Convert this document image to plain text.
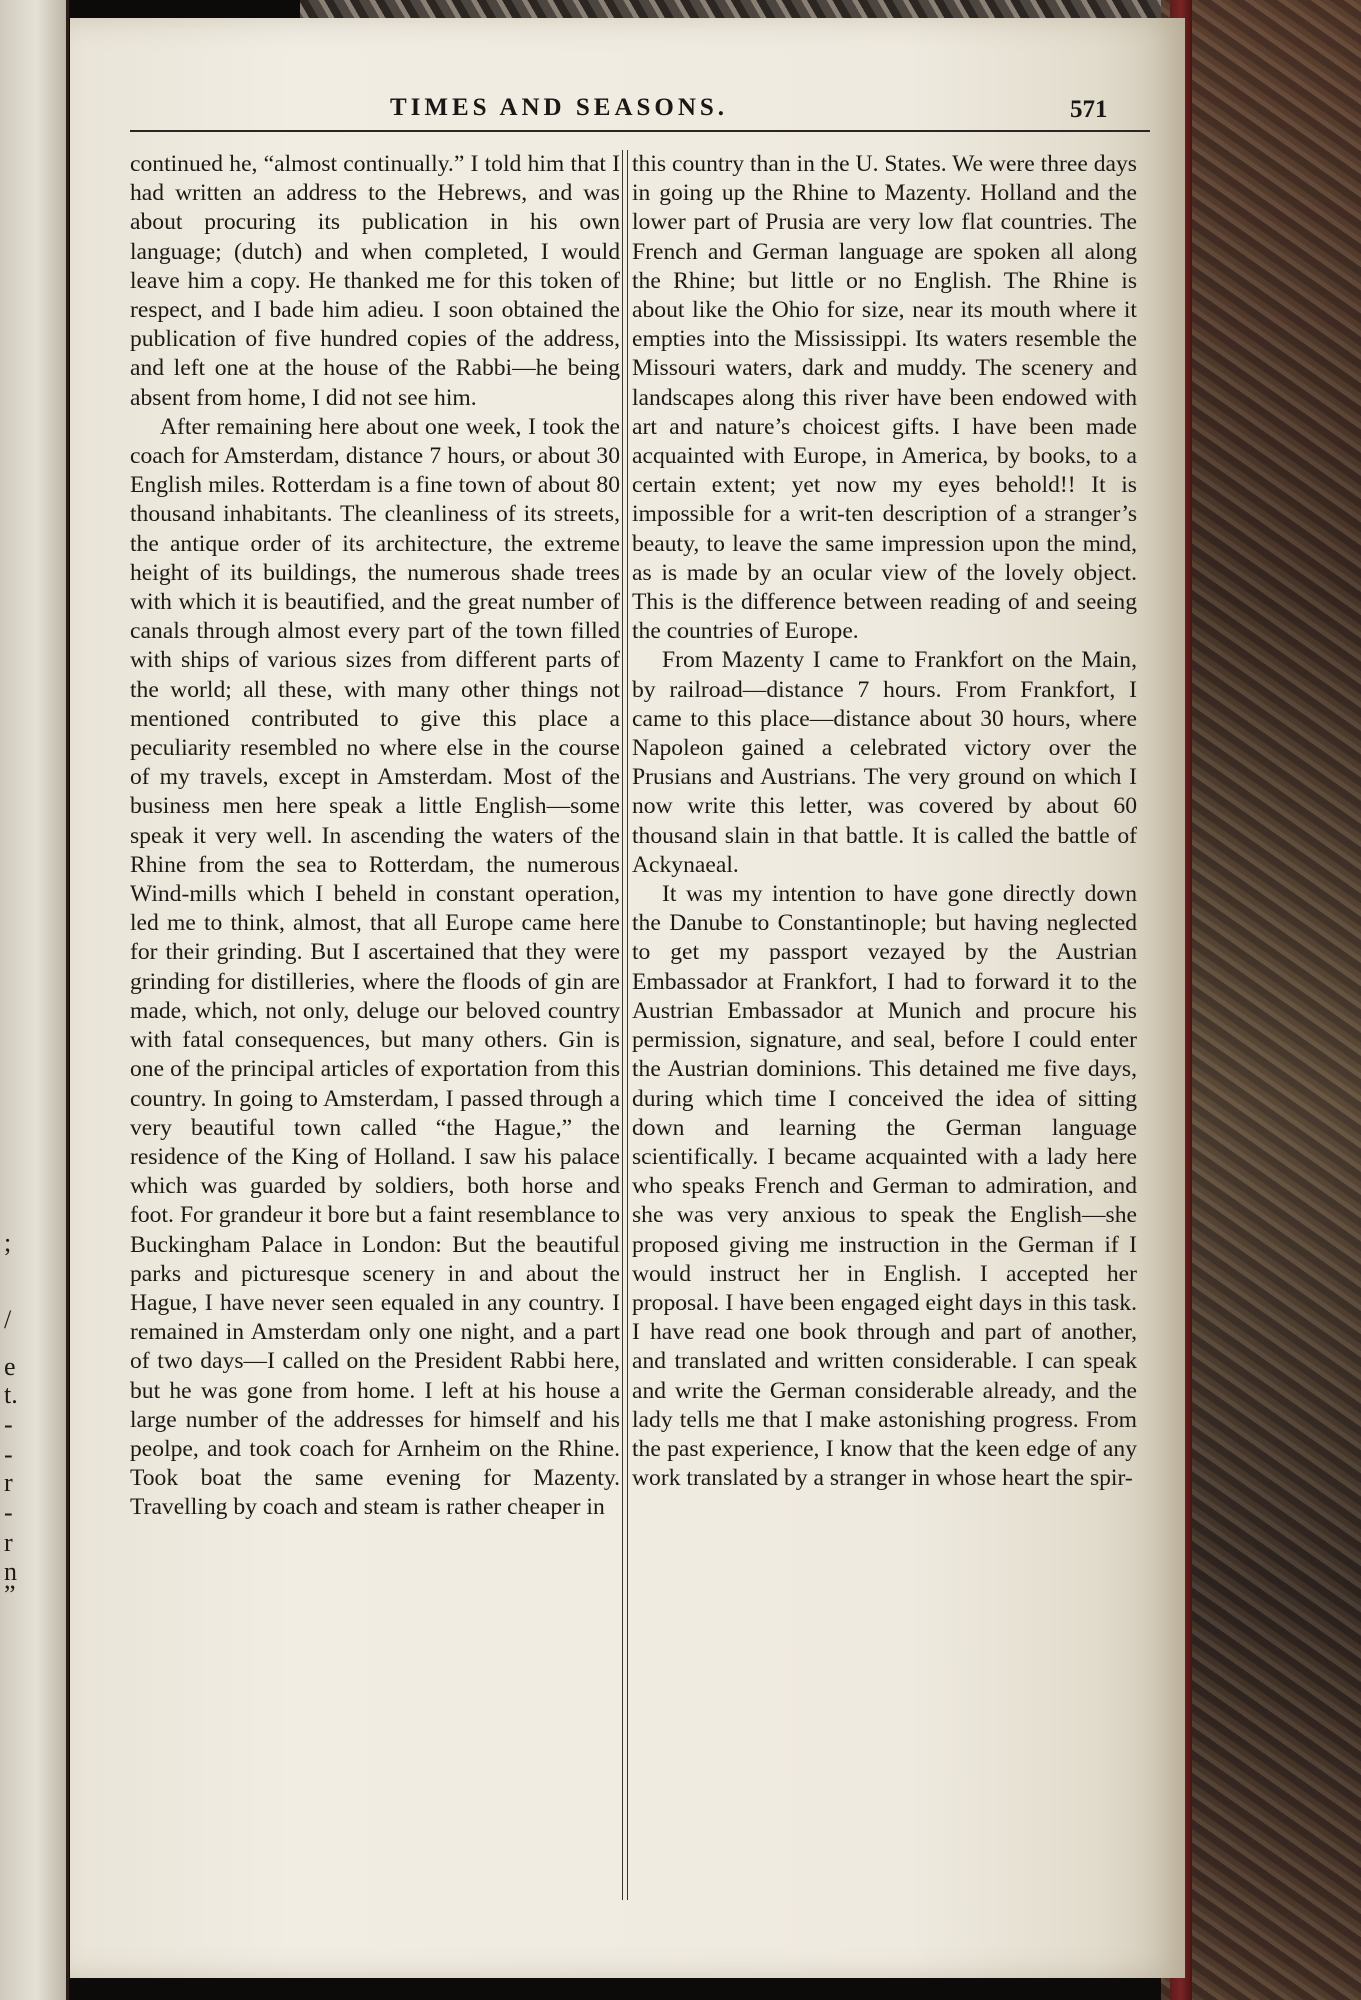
;
/
e
t.
-
-
r
-
r
n
”
TIMES AND SEASONS.	571

continued he, “almost continually.” I told him that I had written an address to the Hebrews, and was about procuring its publication in his own language; (dutch) and when completed, I would leave him a copy. He thanked me for this token of respect, and I bade him adieu. I soon obtained the publication of five hundred copies of the address, and left one at the house of the Rabbi—he being absent from home, I did not see him.

After remaining here about one week, I took the coach for Amsterdam, distance 7 hours, or about 30 English miles. Rotterdam is a fine town of about 80 thousand inhabitants. The cleanliness of its streets, the antique order of its architecture, the extreme height of its buildings, the numerous shade trees with which it is beautified, and the great number of canals through almost every part of the town filled with ships of various sizes from different parts of the world; all these, with many other things not mentioned contributed to give this place a peculiarity resembled no where else in the course of my travels, except in Amsterdam. Most of the business men here speak a little English—some speak it very well. In ascending the waters of the Rhine from the sea to Rotterdam, the numerous Wind-mills which I beheld in constant operation, led me to think, almost, that all Europe came here for their grinding. But I ascertained that they were grinding for distilleries, where the floods of gin are made, which, not only, deluge our beloved country with fatal consequences, but many others. Gin is one of the principal articles of exportation from this country. In going to Amsterdam, I passed through a very beautiful town called “the Hague,” the residence of the King of Holland. I saw his palace which was guarded by soldiers, both horse and foot. For grandeur it bore but a faint resemblance to Buckingham Palace in London: But the beautiful parks and picturesque scenery in and about the Hague, I have never seen equaled in any country. I remained in Amsterdam only one night, and a part of two days—I called on the President Rabbi here, but he was gone from home. I left at his house a large number of the addresses for himself and his peolpe, and took coach for Arnheim on the Rhine. Took boat the same evening for Mazenty. Travelling by coach and steam is rather cheaper in

this country than in the U. States. We were three days in going up the Rhine to Mazenty. Holland and the lower part of Prusia are very low flat countries. The French and German language are spoken all along the Rhine; but little or no English. The Rhine is about like the Ohio for size, near its mouth where it empties into the Mississippi. Its waters resemble the Missouri waters, dark and muddy. The scenery and landscapes along this river have been endowed with art and nature’s choicest gifts. I have been made acquainted with Europe, in America, by books, to a certain extent; yet now my eyes behold!! It is impossible for a writ-ten description of a stranger’s beauty, to leave the same impression upon the mind, as is made by an ocular view of the lovely object. This is the difference between reading of and seeing the countries of Europe.

From Mazenty I came to Frankfort on the Main, by railroad—distance 7 hours. From Frankfort, I came to this place—distance about 30 hours, where Napoleon gained a celebrated victory over the Prusians and Austrians. The very ground on which I now write this letter, was covered by about 60 thousand slain in that battle. It is called the battle of Ackynaeal.

It was my intention to have gone directly down the Danube to Constantinople; but having neglected to get my passport vezayed by the Austrian Embassador at Frankfort, I had to forward it to the Austrian Embassador at Munich and procure his permission, signature, and seal, before I could enter the Austrian dominions. This detained me five days, during which time I conceived the idea of sitting down and learning the German language scientifically. I became acquainted with a lady here who speaks French and German to admiration, and she was very anxious to speak the English—she proposed giving me instruction in the German if I would instruct her in English. I accepted her proposal. I have been engaged eight days in this task. I have read one book through and part of another, and translated and written considerable. I can speak and write the German considerable already, and the lady tells me that I make astonishing progress. From the past experience, I know that the keen edge of any work translated by a stranger in whose heart the spir-
